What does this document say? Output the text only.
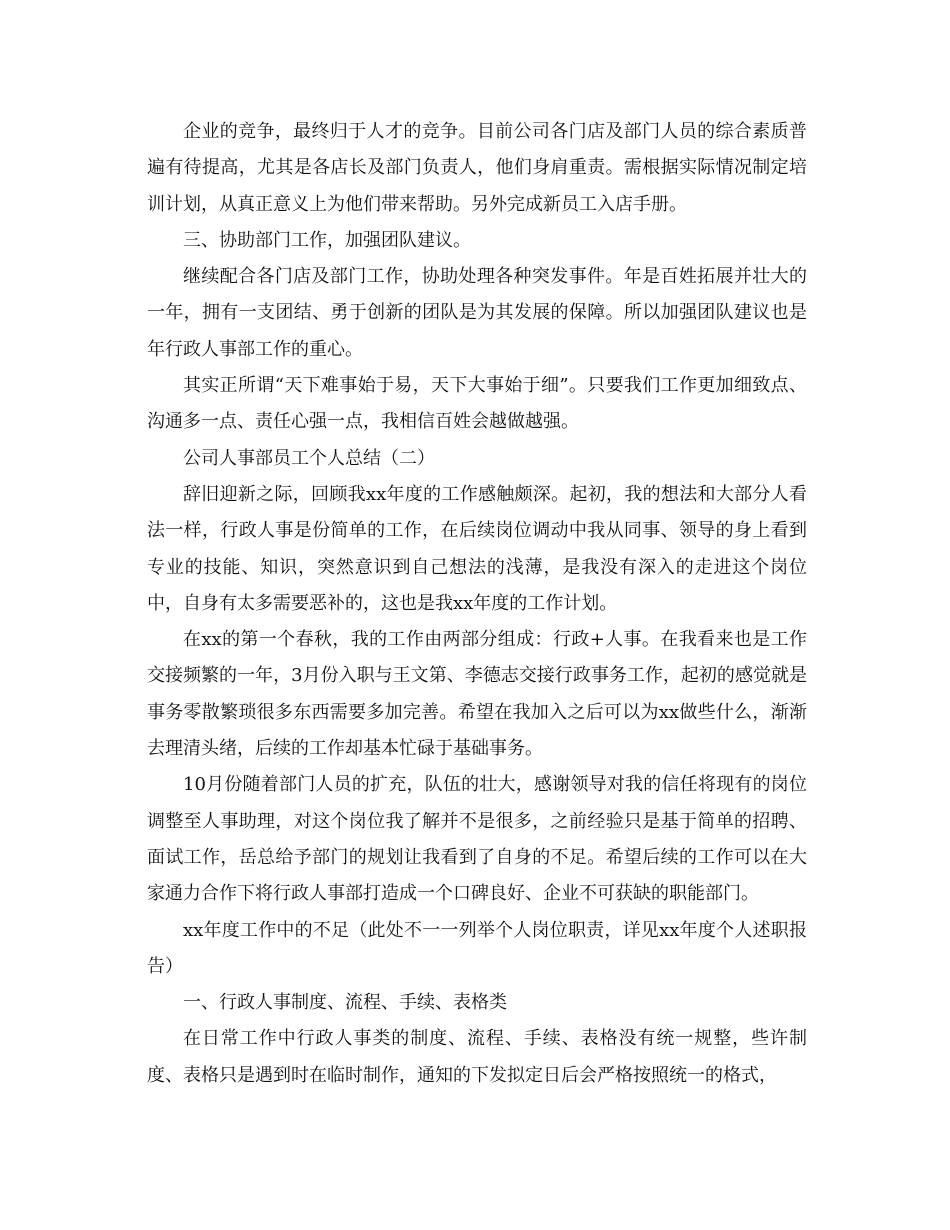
企业的竞争，最终归于人才的竞争。目前公司各门店及部门人员的综合素质普遍有待提高，尤其是各店长及部门负责人，他们身肩重责。需根据实际情况制定培训计划，从真正意义上为他们带来帮助。另外完成新员工入店手册。

三、协助部门工作，加强团队建议。

继续配合各门店及部门工作，协助处理各种突发事件。年是百姓拓展并壮大的一年，拥有一支团结、勇于创新的团队是为其发展的保障。所以加强团队建议也是年行政人事部工作的重心。

其实正所谓“天下难事始于易，天下大事始于细”。只要我们工作更加细致点、沟通多一点、责任心强一点，我相信百姓会越做越强。

公司人事部员工个人总结（二）

辞旧迎新之际，回顾我xx年度的工作感触颇深。起初，我的想法和大部分人看法一样，行政人事是份简单的工作，在后续岗位调动中我从同事、领导的身上看到专业的技能、知识，突然意识到自己想法的浅薄，是我没有深入的走进这个岗位中，自身有太多需要恶补的，这也是我xx年度的工作计划。

在xx的第一个春秋，我的工作由两部分组成：行政+人事。在我看来也是工作交接频繁的一年，3月份入职与王文第、李德志交接行政事务工作，起初的感觉就是事务零散繁琐很多东西需要多加完善。希望在我加入之后可以为xx做些什么，渐渐去理清头绪，后续的工作却基本忙碌于基础事务。

10月份随着部门人员的扩充，队伍的壮大，感谢领导对我的信任将现有的岗位调整至人事助理，对这个岗位我了解并不是很多，之前经验只是基于简单的招聘、面试工作，岳总给予部门的规划让我看到了自身的不足。希望后续的工作可以在大家通力合作下将行政人事部打造成一个口碑良好、企业不可获缺的职能部门。

xx年度工作中的不足（此处不一一列举个人岗位职责，详见xx年度个人述职报告）

一、行政人事制度、流程、手续、表格类

在日常工作中行政人事类的制度、流程、手续、表格没有统一规整，些许制度、表格只是遇到时在临时制作，通知的下发拟定日后会严格按照统一的格式，
